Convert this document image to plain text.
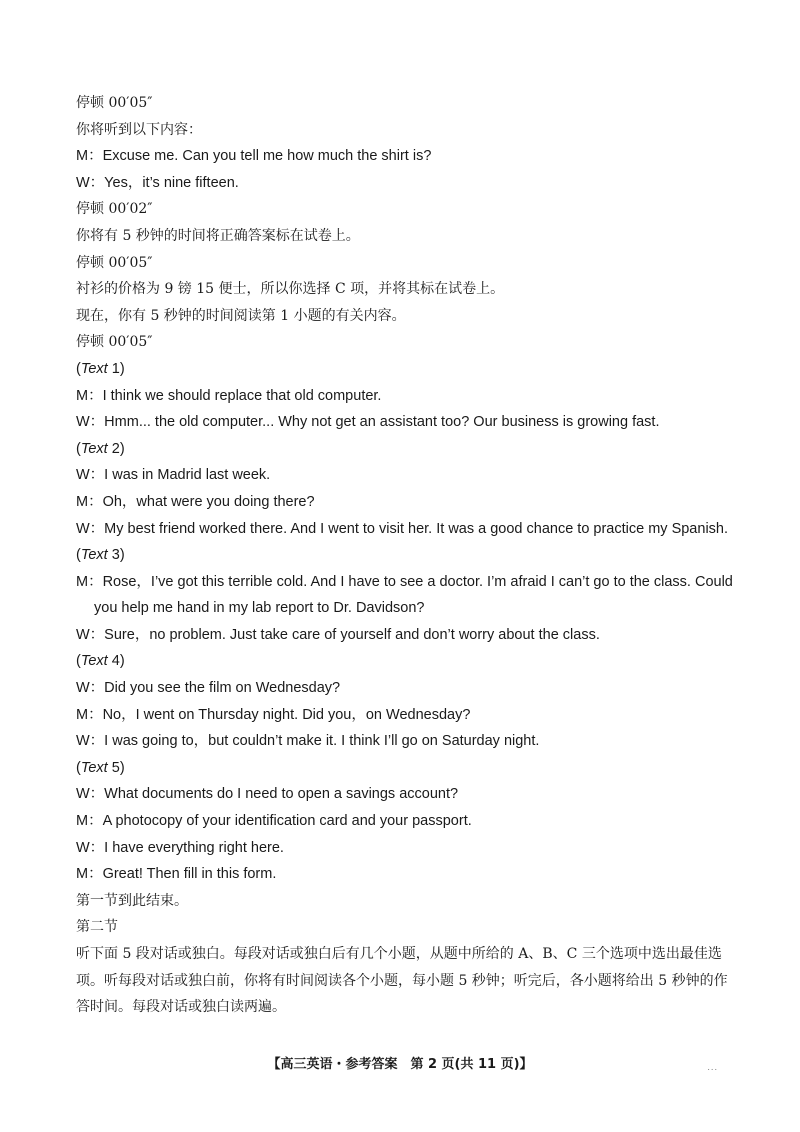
停顿 00′05″
你将听到以下内容：
M：Excuse me. Can you tell me how much the shirt is?
W：Yes，it’s nine fifteen.
停顿 00′02″
你将有 5 秒钟的时间将正确答案标在试卷上。
停顿 00′05″
衬衫的价格为 9 镑 15 便士，所以你选择 C 项，并将其标在试卷上。
现在，你有 5 秒钟的时间阅读第 1 小题的有关内容。
停顿 00′05″
(Text 1)
M：I think we should replace that old computer.
W：Hmm... the old computer... Why not get an assistant too? Our business is growing fast.
(Text 2)
W：I was in Madrid last week.
M：Oh，what were you doing there?
W：My best friend worked there. And I went to visit her. It was a good chance to practice my Spanish.
(Text 3)
M：Rose，I’ve got this terrible cold. And I have to see a doctor. I’m afraid I can’t go to the class. Could you help me hand in my lab report to Dr. Davidson?
W：Sure，no problem. Just take care of yourself and don’t worry about the class.
(Text 4)
W：Did you see the film on Wednesday?
M：No，I went on Thursday night. Did you，on Wednesday?
W：I was going to，but couldn’t make it. I think I’ll go on Saturday night.
(Text 5)
W：What documents do I need to open a savings account?
M：A photocopy of your identification card and your passport.
W：I have everything right here.
M：Great! Then fill in this form.
第一节到此结束。
第二节
听下面 5 段对话或独白。每段对话或独白后有几个小题，从题中所给的 A、B、C 三个选项中选出最佳选项。听每段对话或独白前，你将有时间阅读各个小题，每小题 5 秒钟；听完后，各小题将给出 5 秒钟的作答时间。每段对话或独白读两遍。
【高三英语・参考答案　第 2 页(共 11 页)】	...
